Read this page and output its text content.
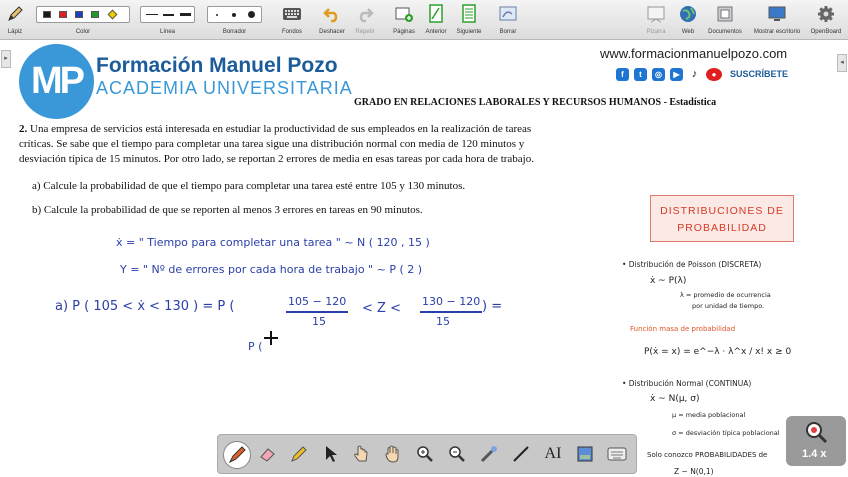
Lápiz	Color	Línea	Borrador	Fondos	Deshacer	Repetir	Páginas	Anterior	Siguiente	Borrar	Pizarra	Web	Documentos	Mostrar escritorio	OpenBoard
▸
◂
MP Formación Manuel Pozo
ACADEMIA UNIVERSITARIA
www.formacionmanuelpozo.com
f	t	◎	▶	♪	●	SUSCRÍBETE
GRADO EN RELACIONES LABORALES Y RECURSOS HUMANOS - Estadística
2. Una empresa de servicios está interesada en estudiar la productividad de sus empleados en la realización de tareas
críticas. Se sabe que el tiempo para completar una tarea sigue una distribución normal con media de 120 minutos y
desviación típica de 15 minutos. Por otro lado, se reportan 2 errores de media en esas tareas por cada hora de trabajo.
a) Calcule la probabilidad de que el tiempo para completar una tarea esté entre 105 y 130 minutos.
b) Calcule la probabilidad de que se reporten al menos 3 errores en tareas en 90 minutos.
ẋ = " Tiempo para completar una tarea " ~ N ( 120 , 15 )
Y = " Nº de errores por cada hora de trabajo " ~ P ( 2 )
a) P ( 105 < ẋ < 130 ) = P (	105 − 120
15
< Z < 130 − 120
15
) =
P (
DISTRIBUCIONES DE
PROBABILIDAD
• Distribución de Poisson (DISCRETA)
ẋ ~ P(λ)
λ = promedio de ocurrencia
por unidad de tiempo.
Función masa de probabilidad
P(ẋ = x) = e^−λ · λ^x / x! x ≥ 0
• Distribución Normal (CONTINUA)
ẋ ~ N(μ, σ)
μ = media poblacional
σ = desviación típica poblacional
Solo conozco PROBABILIDADES de
Z ~ N(0,1)
AI	1.4 x
